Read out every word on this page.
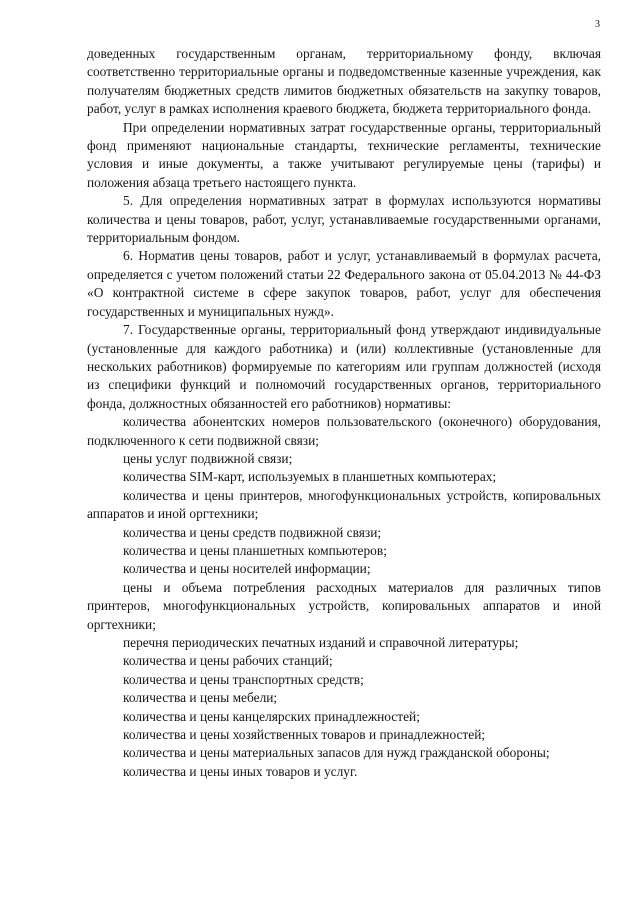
3

доведенных государственным органам, территориальному фонду, включая соответственно территориальные органы и подведомственные казенные учреждения, как получателям бюджетных средств лимитов бюджетных обязательств на закупку товаров, работ, услуг в рамках исполнения краевого бюджета, бюджета территориального фонда.

При определении нормативных затрат государственные органы, территориальный фонд применяют национальные стандарты, технические регламенты, технические условия и иные документы, а также учитывают регулируемые цены (тарифы) и положения абзаца третьего настоящего пункта.

5. Для определения нормативных затрат в формулах используются нормативы количества и цены товаров, работ, услуг, устанавливаемые государственными органами, территориальным фондом.

6. Норматив цены товаров, работ и услуг, устанавливаемый в формулах расчета, определяется с учетом положений статьи 22 Федерального закона от 05.04.2013 № 44-ФЗ «О контрактной системе в сфере закупок товаров, работ, услуг для обеспечения государственных и муниципальных нужд».

7. Государственные органы, территориальный фонд утверждают индивидуальные (установленные для каждого работника) и (или) коллективные (установленные для нескольких работников) формируемые по категориям или группам должностей (исходя из специфики функций и полномочий государственных органов, территориального фонда, должностных обязанностей его работников) нормативы:

количества абонентских номеров пользовательского (оконечного) оборудования, подключенного к сети подвижной связи;

цены услуг подвижной связи;

количества SIM-карт, используемых в планшетных компьютерах;

количества и цены принтеров, многофункциональных устройств, копировальных аппаратов и иной оргтехники;

количества и цены средств подвижной связи;

количества и цены планшетных компьютеров;

количества и цены носителей информации;

цены и объема потребления расходных материалов для различных типов принтеров, многофункциональных устройств, копировальных аппаратов и иной оргтехники;

перечня периодических печатных изданий и справочной литературы;

количества и цены рабочих станций;

количества и цены транспортных средств;

количества и цены мебели;

количества и цены канцелярских принадлежностей;

количества и цены хозяйственных товаров и принадлежностей;

количества и цены материальных запасов для нужд гражданской обороны;

количества и цены иных товаров и услуг.
